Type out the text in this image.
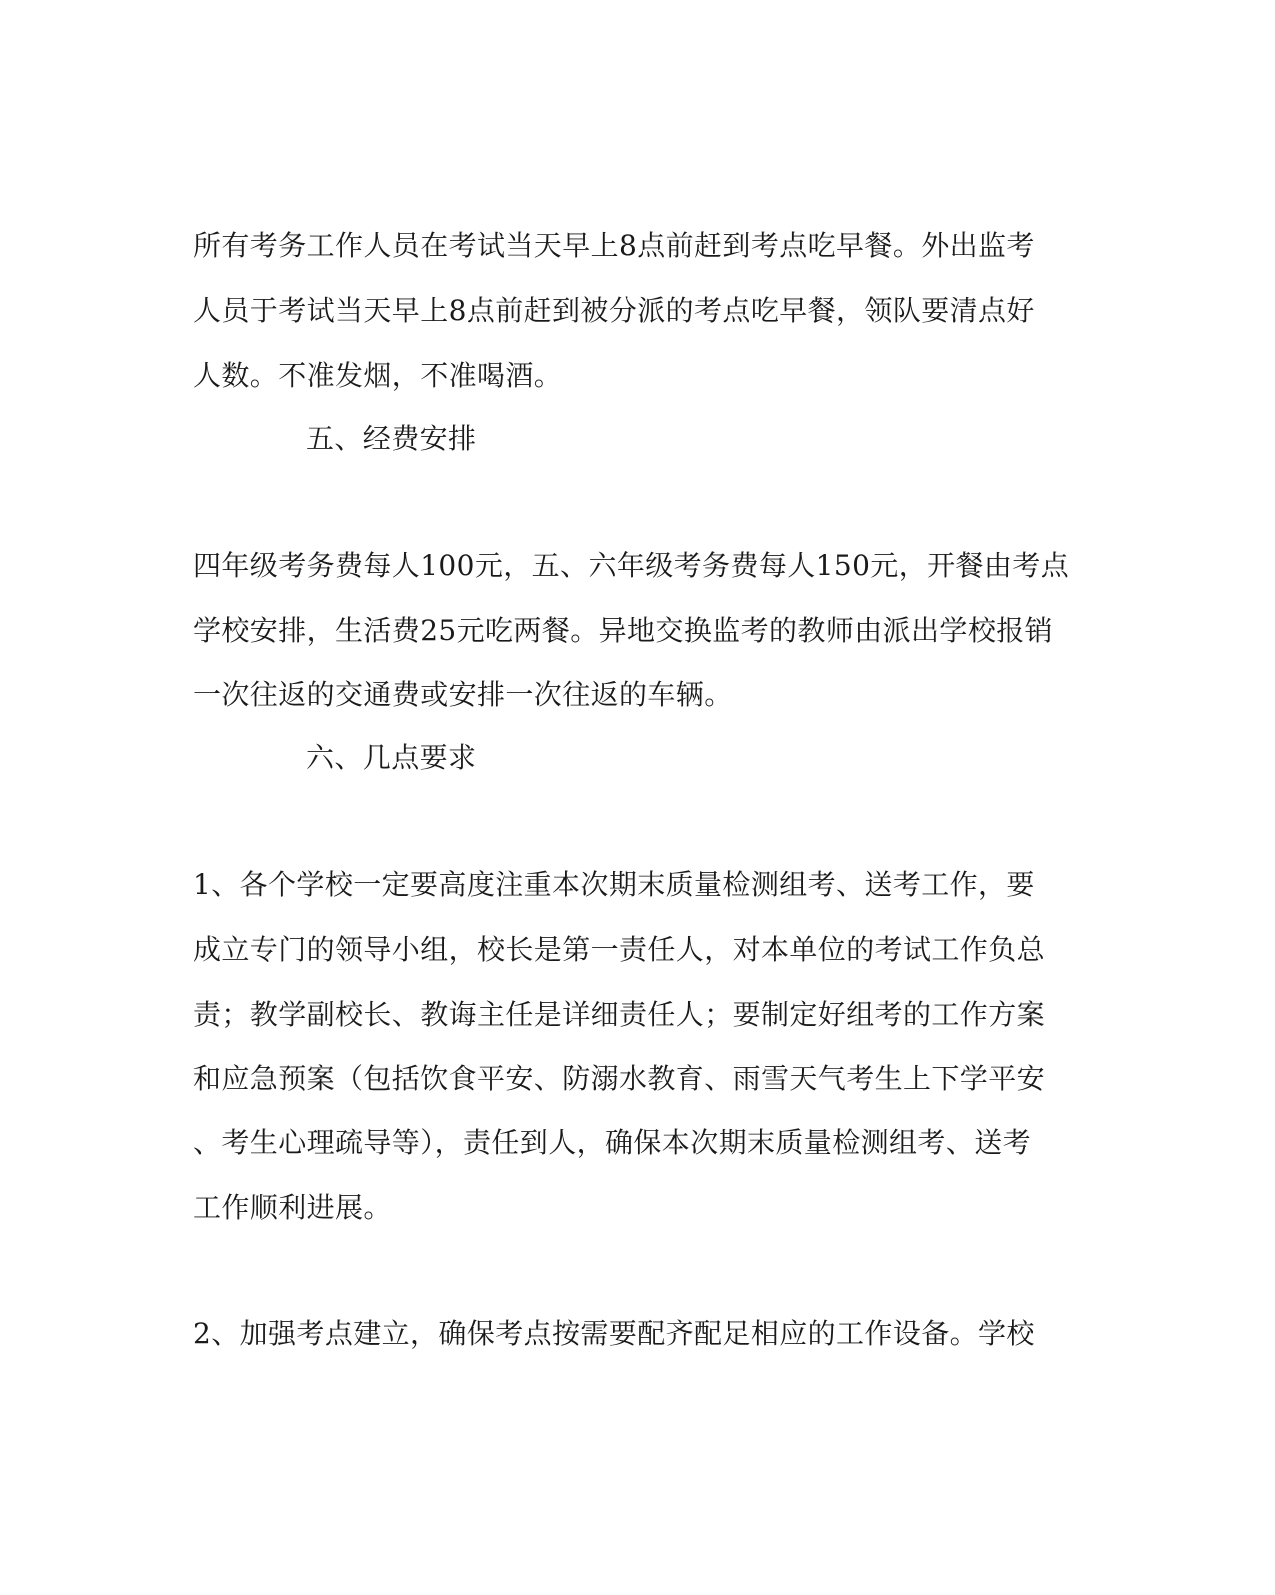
所有考务工作人员在考试当天早上8点前赶到考点吃早餐。外出监考
人员于考试当天早上8点前赶到被分派的考点吃早餐，领队要清点好
人数。不准发烟，不准喝酒。
五、经费安排
四年级考务费每人100元，五、六年级考务费每人150元，开餐由考点
学校安排，生活费25元吃两餐。异地交换监考的教师由派出学校报销
一次往返的交通费或安排一次往返的车辆。
六、几点要求
1、各个学校一定要高度注重本次期末质量检测组考、送考工作，要
成立专门的领导小组，校长是第一责任人，对本单位的考试工作负总
责；教学副校长、教诲主任是详细责任人；要制定好组考的工作方案
和应急预案（包括饮食平安、防溺水教育、雨雪天气考生上下学平安
、考生心理疏导等），责任到人，确保本次期末质量检测组考、送考
工作顺利进展。
2、加强考点建立，确保考点按需要配齐配足相应的工作设备。学校
